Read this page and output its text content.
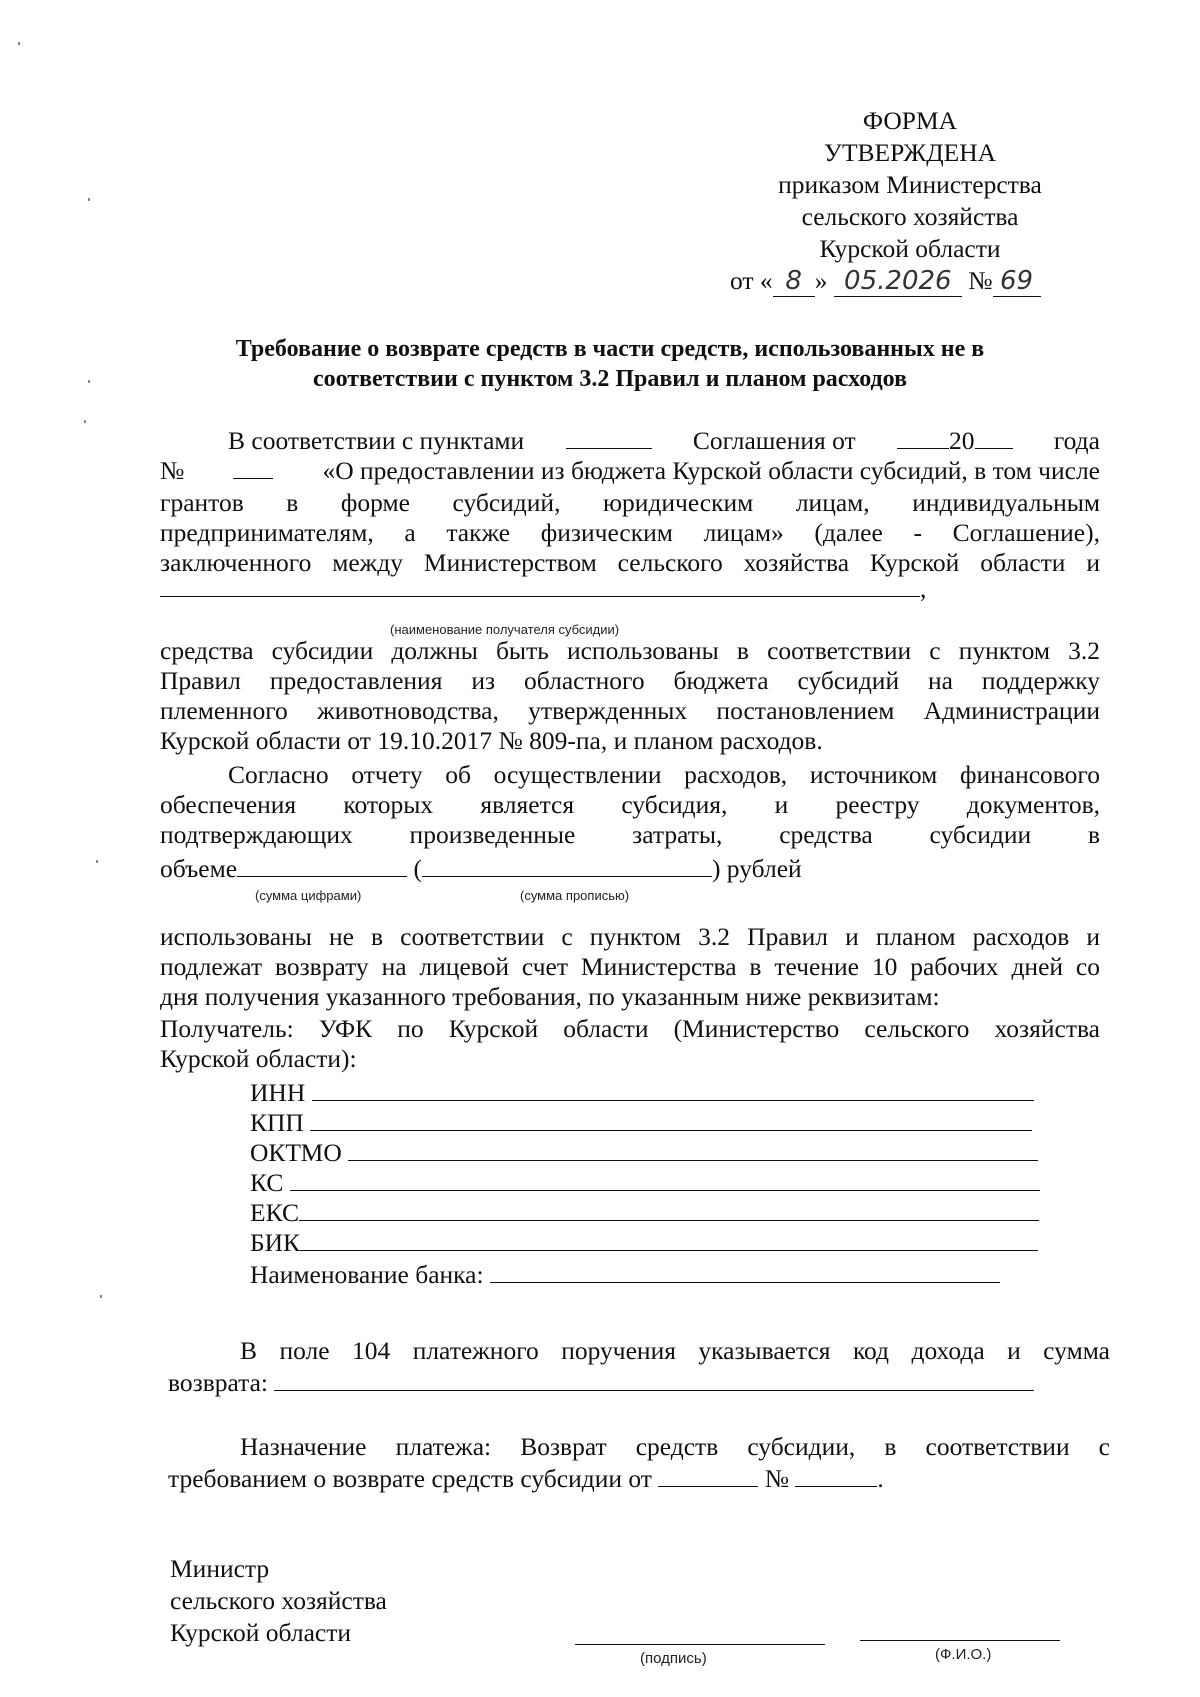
ФОРМА
УТВЕРЖДЕНА
приказом Министерства
сельского хозяйства
Курской области
от « 8 » 05.2026 № 69
Требование о возврате средств в части средств, использованных не в
соответствии с пунктом 3.2 Правил и планом расходов
В соответствии с пунктами	Соглашения от	20	года
№	«О предоставлении из бюджета Курской области субсидий, в том числе
грантов в форме субсидий, юридическим лицам, индивидуальным
предпринимателям, а также физическим лицам» (далее - Соглашение),
заключенного между Министерством сельского хозяйства Курской области и
,
(наименование получателя субсидии)
средства субсидии должны быть использованы в соответствии с пунктом 3.2
Правил предоставления из областного бюджета субсидий на поддержку
племенного животноводства, утвержденных постановлением Администрации
Курской области от 19.10.2017 № 809-па, и планом расходов.
Согласно отчету об осуществлении расходов, источником финансового
обеспечения которых является субсидия, и реестру документов,
подтверждающих произведенные затраты, средства субсидии в
объеме	(	) рублей
(сумма цифрами)	(сумма прописью)
использованы не в соответствии с пунктом 3.2 Правил и планом расходов и
подлежат возврату на лицевой счет Министерства в течение 10 рабочих дней со
дня получения указанного требования, по указанным ниже реквизитам:
Получатель: УФК по Курской области (Министерство сельского хозяйства
Курской области):
ИНН
КПП
ОКТМО
КС
ЕКС
БИК
Наименование банка:
В поле 104 платежного поручения указывается код дохода и сумма
возврата:
Назначение платежа: Возврат средств субсидии, в соответствии с
требованием о возврате средств субсидии от	№	.
Министр
сельского хозяйства
Курской области
(подпись)	(Ф.И.О.)
